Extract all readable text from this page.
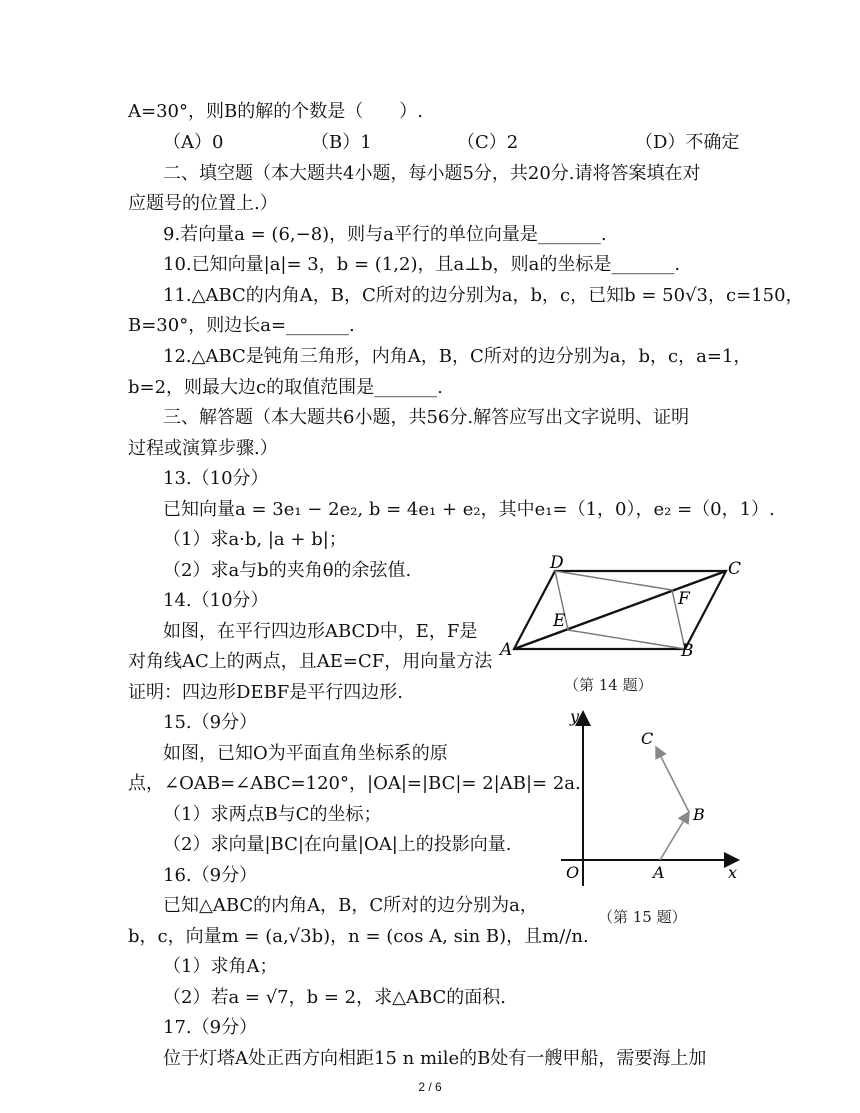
A=30°，则B的解的个数是（　　）.
（A）0	（B）1	（C）2	（D）不确定
二、填空题（本大题共4小题，每小题5分，共20分.请将答案填在对
应题号的位置上.）
9.若向量a = (6,−8)，则与a平行的单位向量是_______.
10.已知向量|a|= 3，b = (1,2)，且a⊥b，则a的坐标是_______.
11.△ABC的内角A，B，C所对的边分别为a，b，c，已知b = 50√3，c=150，
B=30°，则边长a=_______.
12.△ABC是钝角三角形，内角A，B，C所对的边分别为a，b，c，a=1，
b=2，则最大边c的取值范围是_______.
三、解答题（本大题共6小题，共56分.解答应写出文字说明、证明
过程或演算步骤.）
13.（10分）
已知向量a = 3e₁ − 2e₂, b = 4e₁ + e₂，其中e₁=（1，0），e₂ =（0，1）.
（1）求a·b, |a + b|；
（2）求a与b的夹角θ的余弦值.
14.（10分）
如图，在平行四边形ABCD中，E，F是
对角线AC上的两点，且AE=CF，用向量方法
证明：四边形DEBF是平行四边形.
15.（9分）
如图，已知O为平面直角坐标系的原
点，∠OAB=∠ABC=120°，|OA|=|BC|= 2|AB|= 2a.
（1）求两点B与C的坐标；
（2）求向量|BC|在向量|OA|上的投影向量.
16.（9分）
已知△ABC的内角A，B，C所对的边分别为a，
b，c，向量m = (a,√3b)，n = (cos A, sin B)，且m//n.
（1）求角A；
（2）若a = √7，b = 2，求△ABC的面积.
17.（9分）
位于灯塔A处正西方向相距15 n mile的B处有一艘甲船，需要海上加
A	B
C
D
E
F
（第 14 题）
y
x
O	A
B
C
（第 15 题）
2 / 6
